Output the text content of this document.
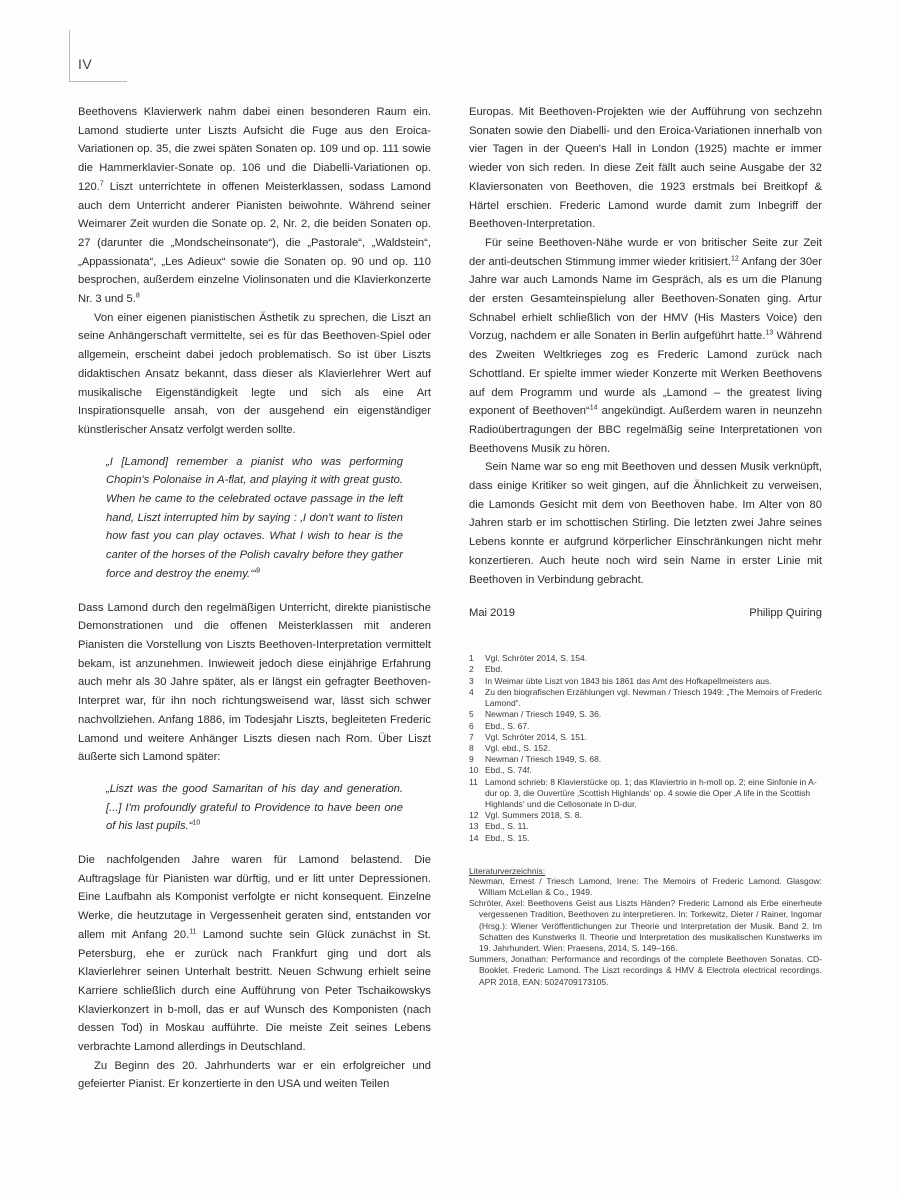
IV

Beethovens Klavierwerk nahm dabei einen besonderen Raum ein. Lamond studierte unter Liszts Aufsicht die Fuge aus den Eroica-Variationen op. 35, die zwei späten Sonaten op. 109 und op. 111 sowie die Hammerklavier-Sonate op. 106 und die Diabelli-Variationen op. 120.$^7$ Liszt unterrichtete in offenen Meisterklassen, sodass Lamond auch dem Unterricht anderer Pianisten beiwohnte. Während seiner Weimarer Zeit wurden die Sonate op. 2, Nr. 2, die beiden Sonaten op. 27 (darunter die „Mondscheinsonate“), die „Pastorale“, „Waldstein“, „Appassionata“, „Les Adieux“ sowie die Sonaten op. 90 und op. 110 besprochen, außerdem einzelne Violinsonaten und die Klavierkonzerte Nr. 3 und 5.$^8$

Von einer eigenen pianistischen Ästhetik zu sprechen, die Liszt an seine Anhängerschaft vermittelte, sei es für das Beethoven-Spiel oder allgemein, erscheint dabei jedoch problematisch. So ist über Liszts didaktischen Ansatz bekannt, dass dieser als Klavierlehrer Wert auf musikalische Eigenständigkeit legte und sich als eine Art Inspirationsquelle ansah, von der ausgehend ein eigenständiger künstlerischer Ansatz verfolgt werden sollte.

„I [Lamond] remember a pianist who was performing Chopin's Polonaise in A-flat, and playing it with great gusto. When he came to the celebrated octave passage in the left hand, Liszt interrupted him by saying : ‚I don't want to listen how fast you can play octaves. What I wish to hear is the canter of the horses of the Polish cavalry before they gather force and destroy the enemy.‘“$^9$

Dass Lamond durch den regelmäßigen Unterricht, direkte pianistische Demonstrationen und die offenen Meisterklassen mit anderen Pianisten die Vorstellung von Liszts Beethoven-Interpretation vermittelt bekam, ist anzunehmen. Inwieweit jedoch diese einjährige Erfahrung auch mehr als 30 Jahre später, als er längst ein gefragter Beethoven-Interpret war, für ihn noch richtungsweisend war, lässt sich schwer nachvollziehen. Anfang 1886, im Todesjahr Liszts, begleiteten Frederic Lamond und weitere Anhänger Liszts diesen nach Rom. Über Liszt äußerte sich Lamond später:

„Liszt was the good Samaritan of his day and generation. [...] I'm profoundly grateful to Providence to have been one of his last pupils.“$^{10}$

Die nachfolgenden Jahre waren für Lamond belastend. Die Auftragslage für Pianisten war dürftig, und er litt unter Depressionen. Eine Laufbahn als Komponist verfolgte er nicht konsequent. Einzelne Werke, die heutzutage in Vergessenheit geraten sind, entstanden vor allem mit Anfang 20.11 Lamond suchte sein Glück zunächst in St. Petersburg, ehe er zurück nach Frankfurt ging und dort als Klavierlehrer seinen Unterhalt bestritt. Neuen Schwung erhielt seine Karriere schließlich durch eine Aufführung von Peter Tschaikowskys Klavierkonzert in b-moll, das er auf Wunsch des Komponisten (nach dessen Tod) in Moskau aufführte. Die meiste Zeit seines Lebens verbrachte Lamond allerdings in Deutschland.

Zu Beginn des 20. Jahrhunderts war er ein erfolgreicher und gefeierter Pianist. Er konzertierte in den USA und weiten Teilen

Europas. Mit Beethoven-Projekten wie der Aufführung von sechzehn Sonaten sowie den Diabelli- und den Eroica-Variationen innerhalb von vier Tagen in der Queen's Hall in London (1925) machte er immer wieder von sich reden. In diese Zeit fällt auch seine Ausgabe der 32 Klaviersonaten von Beethoven, die 1923 erstmals bei Breitkopf & Härtel erschien. Frederic Lamond wurde damit zum Inbegriff der Beethoven-Interpretation.

Für seine Beethoven-Nähe wurde er von britischer Seite zur Zeit der anti-deutschen Stimmung immer wieder kritisiert.$^{12}$ Anfang der 30er Jahre war auch Lamonds Name im Gespräch, als es um die Planung der ersten Gesamteinspielung aller Beethoven-Sonaten ging. Artur Schnabel erhielt schließlich von der HMV (His Masters Voice) den Vorzug, nachdem er alle Sonaten in Berlin aufgeführt hatte.$^{13}$ Während des Zweiten Weltkrieges zog es Frederic Lamond zurück nach Schottland. Er spielte immer wieder Konzerte mit Werken Beethovens auf dem Programm und wurde als „Lamond – the greatest living exponent of Beethoven“$^{14}$ angekündigt. Außerdem waren in neunzehn Radioübertragungen der BBC regelmäßig seine Interpretationen von Beethovens Musik zu hören.

Sein Name war so eng mit Beethoven und dessen Musik verknüpft, dass einige Kritiker so weit gingen, auf die Ähnlichkeit zu verweisen, die Lamonds Gesicht mit dem von Beethoven habe. Im Alter von 80 Jahren starb er im schottischen Stirling. Die letzten zwei Jahre seines Lebens konnte er aufgrund körperlicher Einschränkungen nicht mehr konzertieren. Auch heute noch wird sein Name in erster Linie mit Beethoven in Verbindung gebracht.

Mai 2019	Philipp Quiring
1	Vgl. Schröter 2014, S. 154.
2	Ebd.
3	In Weimar übte Liszt von 1843 bis 1861 das Amt des Hofkapellmeisters aus.
4	Zu den biografischen Erzählungen vgl. Newman / Triesch 1949: „The Memoirs of Frederic Lamond“.
5	Newman / Triesch 1949, S. 36.
6	Ebd., S. 67.
7	Vgl. Schröter 2014, S. 151.
8	Vgl. ebd., S. 152.
9	Newman / Triesch 1949, S. 68.
10 Ebd., S. 74f.
11 Lamond schrieb: 8 Klavierstücke op. 1; das Klaviertrio in h-moll op. 2; eine Sinfonie in A-dur op. 3, die Ouvertüre ‚Scottish Highlands‘ op. 4 sowie die Oper ‚A life in the Scottish Highlands‘ und die Cellosonate in D-dur.
12 Vgl. Summers 2018, S. 8.
13 Ebd., S. 11.
14 Ebd., S. 15.
Literaturverzeichnis:
Newman, Ernest / Triesch Lamond, Irene: The Memoirs of Frederic Lamond. Glasgow: William McLellan & Co., 1949.
Schröter, Axel: Beethovens Geist aus Liszts Händen? Frederic Lamond als Erbe einerheute vergessenen Tradition, Beethoven zu interpretieren. In: Torkewitz, Dieter / Rainer, Ingomar (Hrsg.): Wiener Veröffentlichungen zur Theorie und Interpretation der Musik. Band 2. Im Schatten des Kunstwerks II. Theorie und Interpretation des musikalischen Kunstwerks im 19. Jahrhundert. Wien: Praesens, 2014, S. 149–166.
Summers, Jonathan: Performance and recordings of the complete Beethoven Sonatas. CD-Booklet. Frederic Lamond. The Liszt recordings & HMV & Electrola electrical recordings. APR 2018, EAN: 5024709173105.
